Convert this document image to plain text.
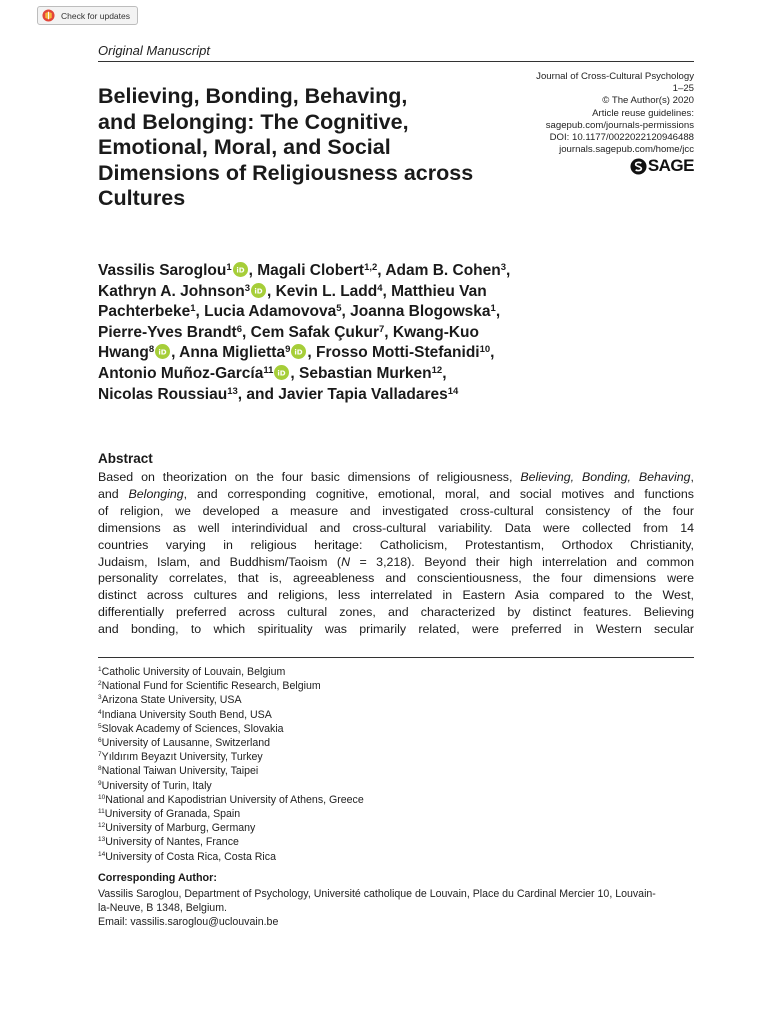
Check for updates
Original Manuscript
Believing, Bonding, Behaving,
and Belonging: The Cognitive,
Emotional, Moral, and Social
Dimensions of Religiousness across
Cultures
Journal of Cross-Cultural Psychology
1–25
© The Author(s) 2020
Article reuse guidelines:
sagepub.com/journals-permissions
DOI: 10.1177/0022022120946488
journals.sagepub.com/home/jcc
SAGE
Vassilis Saroglou$^1$ iD , Magali Clobert$^{1,2}$, Adam B. Cohen$^3$,
Kathryn A. Johnson$^3$ iD , Kevin L. Ladd$^4$, Matthieu Van
Pachterbeke$^1$, Lucia Adamovova$^5$, Joanna Blogowska$^1$,
Pierre-Yves Brandt$^6$, Cem Safak Çukur$^7$, Kwang-Kuo
Hwang$^8$ iD , Anna Miglietta$^9$ iD , Frosso Motti-Stefanidi$^{10}$,
Antonio Muñoz-García$^{11}$ iD , Sebastian Murken$^{12}$,
Nicolas Roussiau$^{13}$, and Javier Tapia Valladares$^{14}$
Abstract
Based on theorization on the four basic dimensions of religiousness, Believing, Bonding, Behaving,
and Belonging, and corresponding cognitive, emotional, moral, and social motives and functions
of religion, we developed a measure and investigated cross-cultural consistency of the four
dimensions as well interindividual and cross-cultural variability. Data were collected from 14
countries varying in religious heritage: Catholicism, Protestantism, Orthodox Christianity,
Judaism, Islam, and Buddhism/Taoism (N = 3,218). Beyond their high interrelation and common
personality correlates, that is, agreeableness and conscientiousness, the four dimensions were
distinct across cultures and religions, less interrelated in Eastern Asia compared to the West,
differentially preferred across cultural zones, and characterized by distinct features. Believing
and bonding, to which spirituality was primarily related, were preferred in Western secular
$^1$Catholic University of Louvain, Belgium
$^2$National Fund for Scientific Research, Belgium
$^3$Arizona State University, USA
$^4$Indiana University South Bend, USA
$^5$Slovak Academy of Sciences, Slovakia
$^6$University of Lausanne, Switzerland
$^7$Yıldırım Beyazıt University, Turkey
$^8$National Taiwan University, Taipei
$^9$University of Turin, Italy
$^{10}$National and Kapodistrian University of Athens, Greece
$^{11}$University of Granada, Spain
$^{12}$University of Marburg, Germany
$^{13}$University of Nantes, France
$^{14}$University of Costa Rica, Costa Rica
Corresponding Author:
Vassilis Saroglou, Department of Psychology, Université catholique de Louvain, Place du Cardinal Mercier 10, Louvain-
la-Neuve, B 1348, Belgium.
Email: vassilis.saroglou@uclouvain.be
